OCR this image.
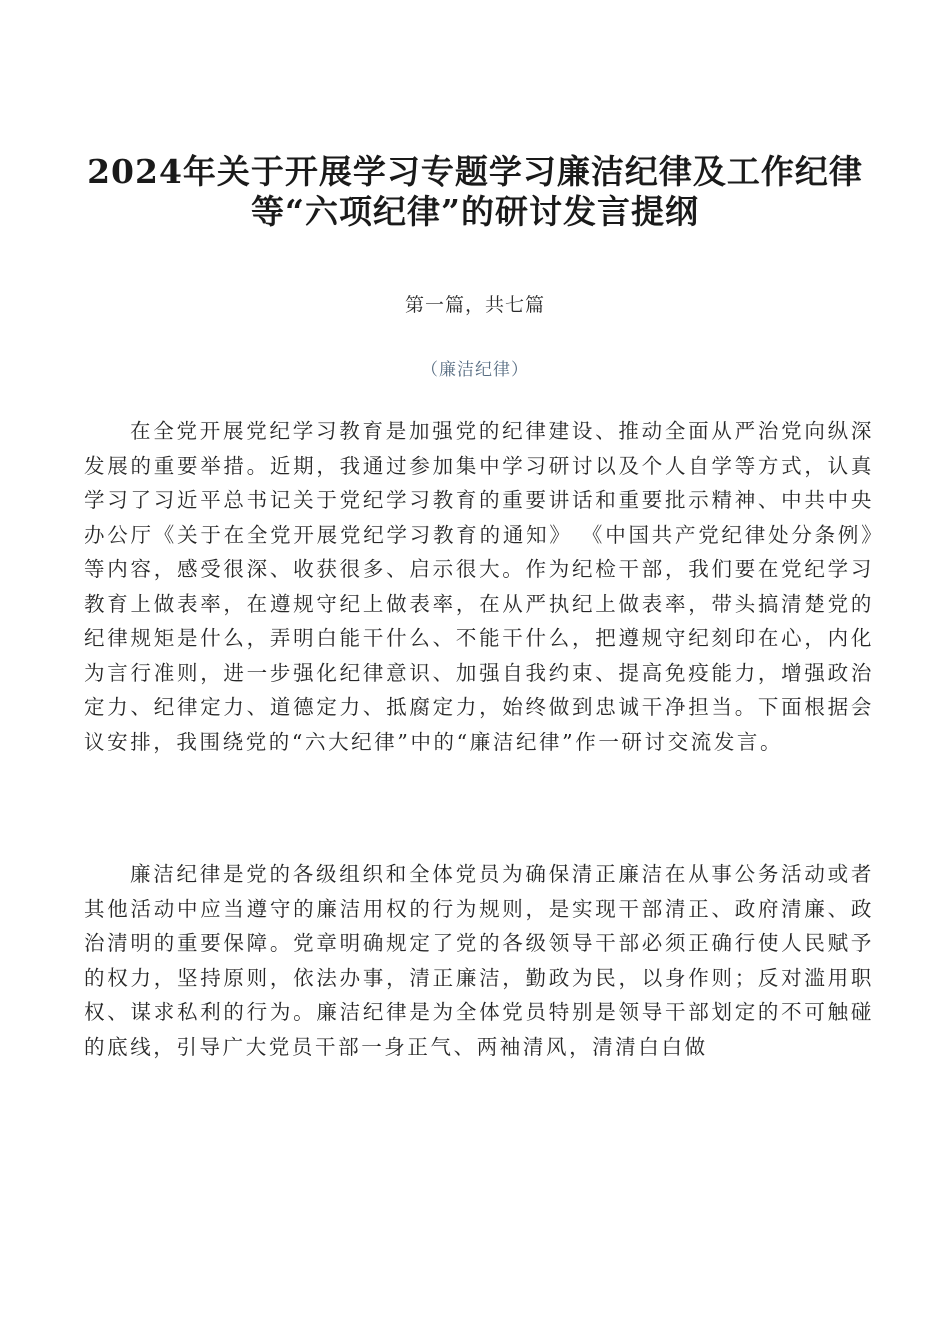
2024年关于开展学习专题学习廉洁纪律及工作纪律
等“六项纪律”的研讨发言提纲
第一篇，共七篇
（廉洁纪律）

在全党开展党纪学习教育是加强党的纪律建设、推动全面从严治党向纵深发展的重要举措。近期，我通过参加集中学习研讨以及个人自学等方式，认真学习了习近平总书记关于党纪学习教育的重要讲话和重要批示精神、中共中央办公厅《关于在全党开展党纪学习教育的通知》 《中国共产党纪律处分条例》等内容，感受很深、收获很多、启示很大。作为纪检干部，我们要在党纪学习教育上做表率，在遵规守纪上做表率，在从严执纪上做表率，带头搞清楚党的纪律规矩是什么，弄明白能干什么、不能干什么，把遵规守纪刻印在心，内化为言行准则，进一步强化纪律意识、加强自我约束、提高免疫能力，增强政治定力、纪律定力、道德定力、抵腐定力，始终做到忠诚干净担当。下面根据会议安排，我围绕党的“六大纪律”中的“廉洁纪律”作一研讨交流发言。

廉洁纪律是党的各级组织和全体党员为确保清正廉洁在从事公务活动或者其他活动中应当遵守的廉洁用权的行为规则，是实现干部清正、政府清廉、政治清明的重要保障。党章明确规定了党的各级领导干部必须正确行使人民赋予的权力，坚持原则，依法办事，清正廉洁，勤政为民，以身作则；反对滥用职权、谋求私利的行为。廉洁纪律是为全体党员特别是领导干部划定的不可触碰的底线，引导广大党员干部一身正气、两袖清风，清清白白做
